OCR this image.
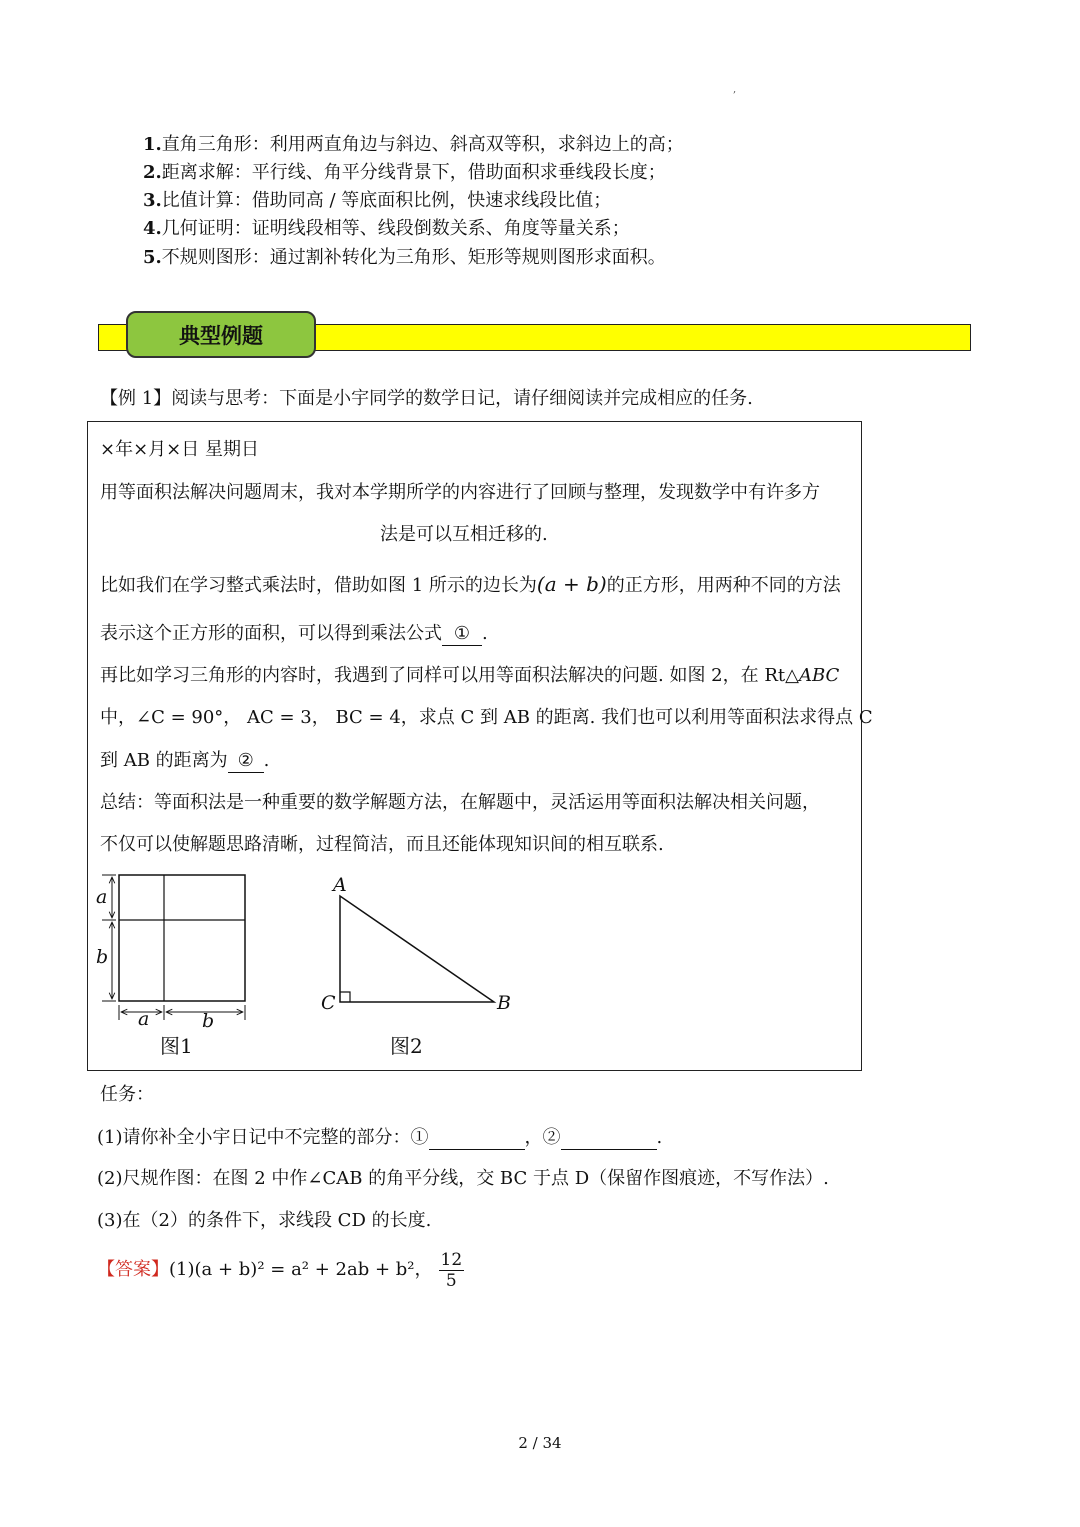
,
1.直角三角形：利用两直角边与斜边、斜高双等积，求斜边上的高；
2.距离求解：平行线、角平分线背景下，借助面积求垂线段长度；
3.比值计算：借助同高 / 等底面积比例，快速求线段比值；
4.几何证明：证明线段相等、线段倒数关系、角度等量关系；
5.不规则图形：通过割补转化为三角形、矩形等规则图形求面积。
典型例题
【例 1】阅读与思考：下面是小宇同学的数学日记，请仔细阅读并完成相应的任务.
×年×月×日 星期日
用等面积法解决问题周末，我对本学期所学的内容进行了回顾与整理，发现数学中有许多方
法是可以互相迁移的.
比如我们在学习整式乘法时，借助如图 1 所示的边长为(a + b)的正方形，用两种不同的方法
表示这个正方形的面积，可以得到乘法公式 ① .
再比如学习三角形的内容时，我遇到了同样可以用等面积法解决的问题. 如图 2，在 Rt△ABC
中，∠C = 90°， AC = 3， BC = 4，求点 C 到 AB 的距离. 我们也可以利用等面积法求得点 C
到 AB 的距离为 ② .
总结：等面积法是一种重要的数学解题方法，在解题中，灵活运用等面积法解决相关问题，
不仅可以使解题思路清晰，过程简洁，而且还能体现知识间的相互联系.
a
b
a	b
图1
A
C	B
图2
任务：
(1)请你补全小宇日记中不完整的部分：①	，②	.
(2)尺规作图：在图 2 中作∠CAB 的角平分线，交 BC 于点 D（保留作图痕迹，不写作法）.
(3)在（2）的条件下，求线段 CD 的长度.
【答案】(1)(a + b)² = a² + 2ab + b²， $\frac{12}{5}$
2 / 34
